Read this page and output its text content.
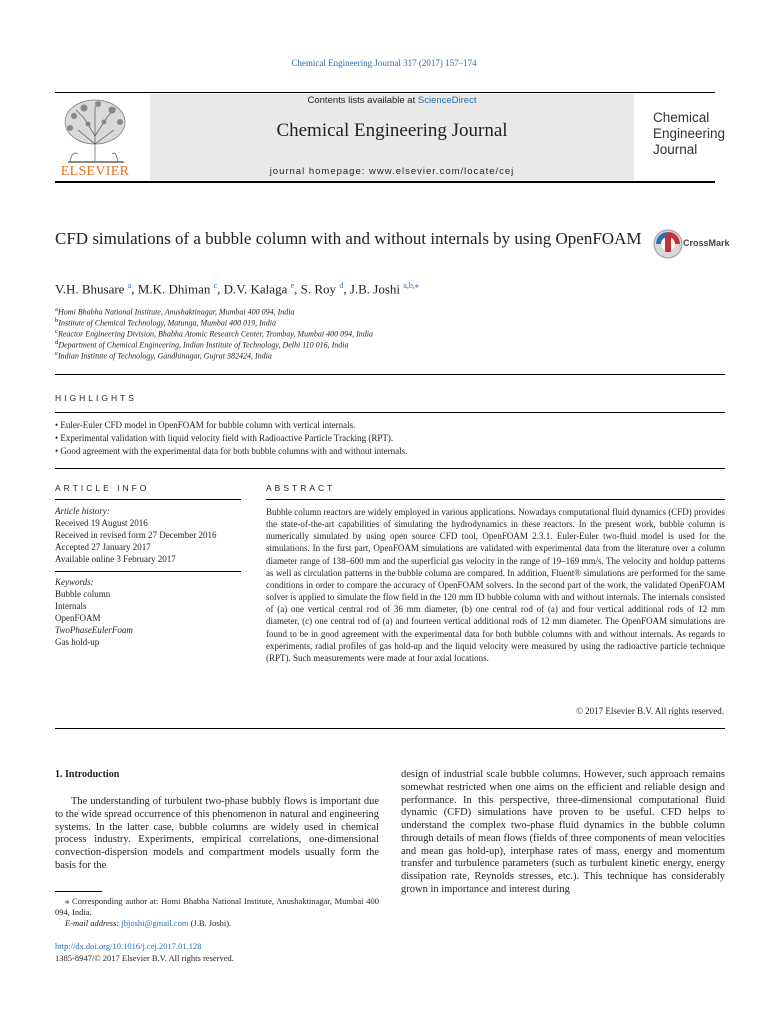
Chemical Engineering Journal 317 (2017) 157–174
ELSEVIER
Contents lists available at ScienceDirect
Chemical Engineering Journal
journal homepage: www.elsevier.com/locate/cej
Chemical
Engineering
Journal
CFD simulations of a bubble column with and without internals by using OpenFOAM	CrossMark
V.H. Bhusare $^a$, M.K. Dhiman $^c$, D.V. Kalaga $^e$, S. Roy $^d$, J.B. Joshi $^{a,b,⁎}$
$^a$Homi Bhabha National Institute, Anushaktinagar, Mumbai 400 094, India
$^b$Institute of Chemical Technology, Matunga, Mumbai 400 019, India
$^c$Reactor Engineering Division, Bhabha Atomic Research Center, Trombay, Mumbai 400 094, India
$^d$Department of Chemical Engineering, Indian Institute of Technology, Delhi 110 016, India
$^e$Indian Institute of Technology, Gandhinagar, Gujrat 382424, India
HIGHLIGHTS
• Euler-Euler CFD model in OpenFOAM for bubble column with vertical internals.
• Experimental validation with liquid velocity field with Radioactive Particle Tracking (RPT).
• Good agreement with the experimental data for both bubble columns with and without internals.
ARTICLE INFO	ABSTRACT
Article history:
Received 19 August 2016
Received in revised form 27 December 2016
Accepted 27 January 2017
Available online 3 February 2017
Keywords:
Bubble column
Internals
OpenFOAM
TwoPhaseEulerFoam
Gas hold-up
Bubble column reactors are widely employed in various applications. Nowadays computational fluid dynamics (CFD) provides the state-of-the-art capabilities of simulating the hydrodynamics in these reactors. In the present work, bubble column is numerically simulated by using open source CFD tool, OpenFOAM 2.3.1. Euler-Euler two-fluid model is used for the simulations. In the first part, OpenFOAM simulations are validated with experimental data from the literature over a column diameter range of 138–600 mm and the superficial gas velocity in the range of 19–169 mm/s. The velocity and holdup patterns as well as circulation patterns in the bubble column are compared. In addition, Fluent® simulations are performed for the same conditions in order to compare the accuracy of OpenFOAM solvers. In the second part of the work, the validated OpenFOAM solver is applied to simulate the flow field in the 120 mm ID bubble column with and without internals. The internals consisted of (a) one vertical central rod of 36 mm diameter, (b) one central rod of (a) and four vertical additional rods of 12 mm diameter, (c) one central rod of (a) and fourteen vertical additional rods of 12 mm diameter. The OpenFOAM simulations are found to be in good agreement with the experimental data for both bubble columns with and without internals. As regards to experiments, radial profiles of gas hold-up and the liquid velocity were measured by using the radioactive particle technique (RPT). Such measurements were made at four axial locations.
© 2017 Elsevier B.V. All rights reserved.
1. Introduction
The understanding of turbulent two-phase bubbly flows is important due to the wide spread occurrence of this phenomenon in natural and engineering systems. In the latter case, bubble columns are widely used in chemical process industry. Experiments, empirical correlations, one-dimensional convection-dispersion models and compartment models usually form the basis for the
design of industrial scale bubble columns. However, such approach remains somewhat restricted when one aims on the efficient and reliable design and performance. In this perspective, three-dimensional computational fluid dynamic (CFD) simulations have proven to be useful. CFD helps to understand the complex two-phase fluid dynamics in the bubble column through details of mean flows (fields of three components of mean velocities and mean gas hold-up), interphase rates of mass, energy and momentum transfer and turbulence parameters (such as turbulent kinetic energy, energy dissipation rate, Reynolds stresses, etc.). This technique has considerably grown in importance and interest during
⁎ Corresponding author at: Homi Bhabha National Institute, Anushaktinagar, Mumbai 400 094, India.
E-mail address: jbjoshi@gmail.com (J.B. Joshi).
http://dx.doi.org/10.1016/j.cej.2017.01.128
1385-8947/© 2017 Elsevier B.V. All rights reserved.
